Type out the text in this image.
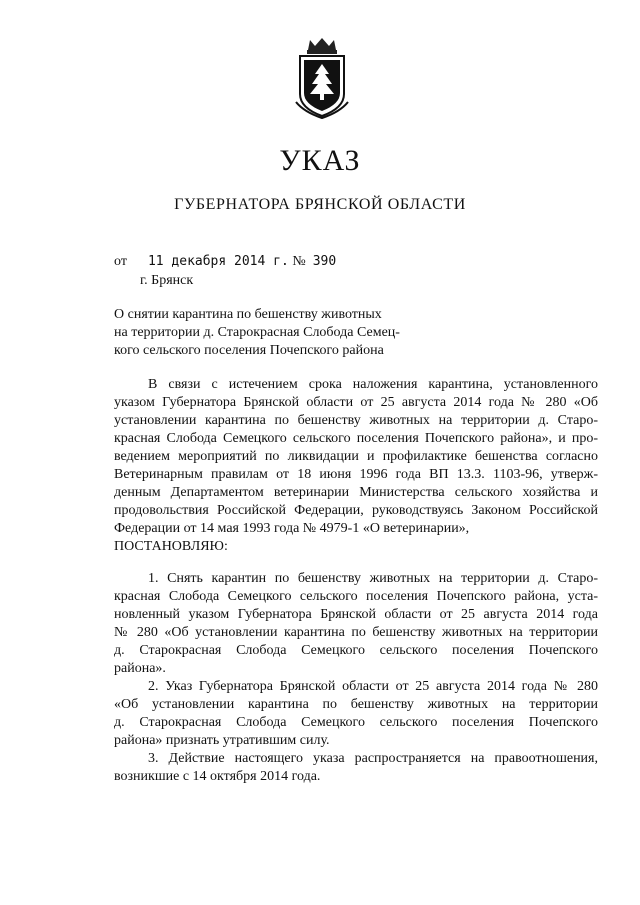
УКАЗ
ГУБЕРНАТОРА БРЯНСКОЙ ОБЛАСТИ
от 11 декабря 2014 г. № 390
г. Брянск
О снятии карантина по бешенству животных
на территории д. Старокрасная Слобода Семец-
кого сельского поселения Почепского района
В связи с истечением срока наложения карантина, установленного
указом Губернатора Брянской области от 25 августа 2014 года № 280 «Об
установлении карантина по бешенству животных на территории д. Старо-
красная Слобода Семецкого сельского поселения Почепского района», и про-
ведением мероприятий по ликвидации и профилактике бешенства согласно
Ветеринарным правилам от 18 июня 1996 года ВП 13.3. 1103-96, утверж-
денным Департаментом ветеринарии Министерства сельского хозяйства и
продовольствия Российской Федерации, руководствуясь Законом Российской
Федерации от 14 мая 1993 года № 4979-1 «О ветеринарии»,
ПОСТАНОВЛЯЮ:
1. Снять карантин по бешенству животных на территории д. Старо-
красная Слобода Семецкого сельского поселения Почепского района, уста-
новленный указом Губернатора Брянской области от 25 августа 2014 года
№ 280 «Об установлении карантина по бешенству животных на территории
д. Старокрасная Слобода Семецкого сельского поселения Почепского
района».
2. Указ Губернатора Брянской области от 25 августа 2014 года № 280
«Об установлении карантина по бешенству животных на территории
д. Старокрасная Слобода Семецкого сельского поселения Почепского
района» признать утратившим силу.
3. Действие настоящего указа распространяется на правоотношения,
возникшие с 14 октября 2014 года.
